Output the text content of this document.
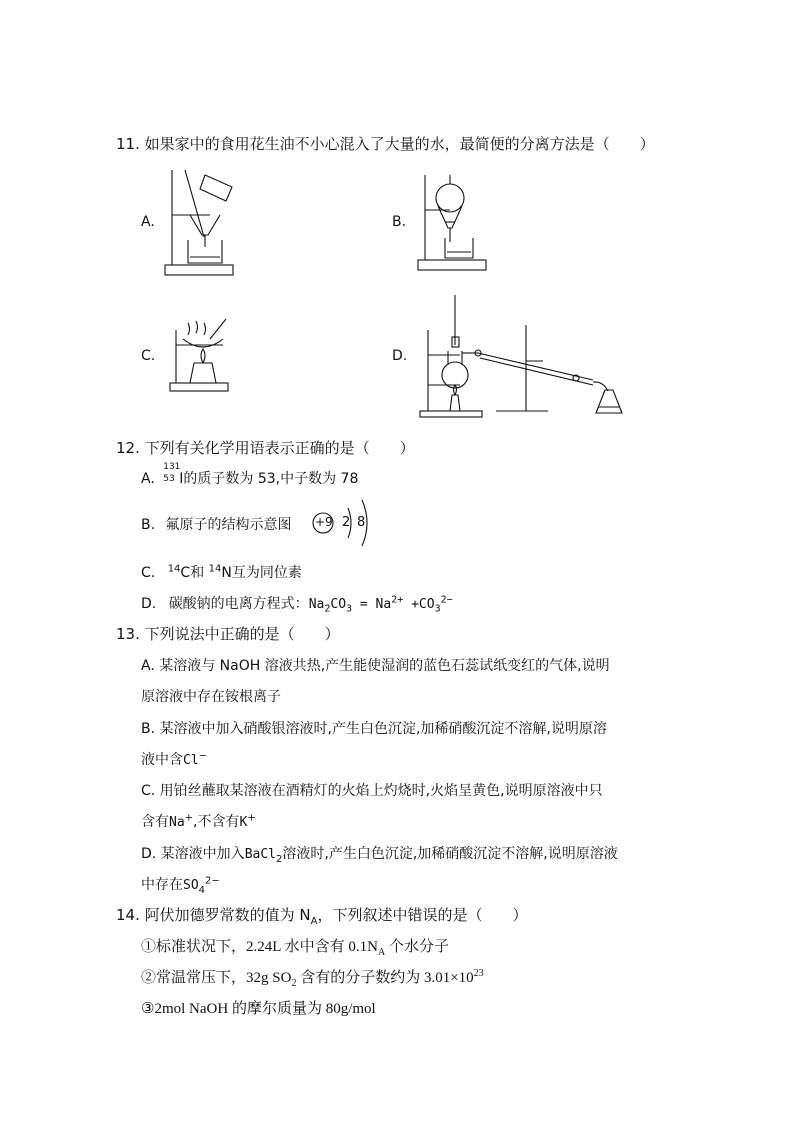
11. 如果家中的食用花生油不小心混入了大量的水，最简便的分离方法是（　　）
A.	B.
C.	D.
12. 下列有关化学用语表示正确的是（　　）
A.
131
53 I的质子数为 53,中子数为 78
B. 氟原子的结构示意图 +9 2 8
C. $^{14}$C和 $^{14}$N互为同位素
D. 碳酸钠的电离方程式：$Na_2CO_3 = Na^{2+} +CO_3^{2-}$
13. 下列说法中正确的是（　　）
A. 某溶液与 NaOH 溶液共热,产生能使湿润的蓝色石蕊试纸变红的气体,说明
原溶液中存在铵根离子
B. 某溶液中加入硝酸银溶液时,产生白色沉淀,加稀硝酸沉淀不溶解,说明原溶
液中含Cl−
C. 用铂丝蘸取某溶液在酒精灯的火焰上灼烧时,火焰呈黄色,说明原溶液中只
含有Na+,不含有K+
D. 某溶液中加入BaCl$_2$溶液时,产生白色沉淀,加稀硝酸沉淀不溶解,说明原溶液
中存在$SO_4^{2-}$
14. 阿伏加德罗常数的值为 $N_A$，下列叙述中错误的是（　　）
①标准状况下，2.24L 水中含有 $0.1N_A$ 个水分子
②常温常压下，32g $SO_2$ 含有的分子数约为 $3.01\times 10^{23}$
③2mol NaOH 的摩尔质量为 80g/mol
